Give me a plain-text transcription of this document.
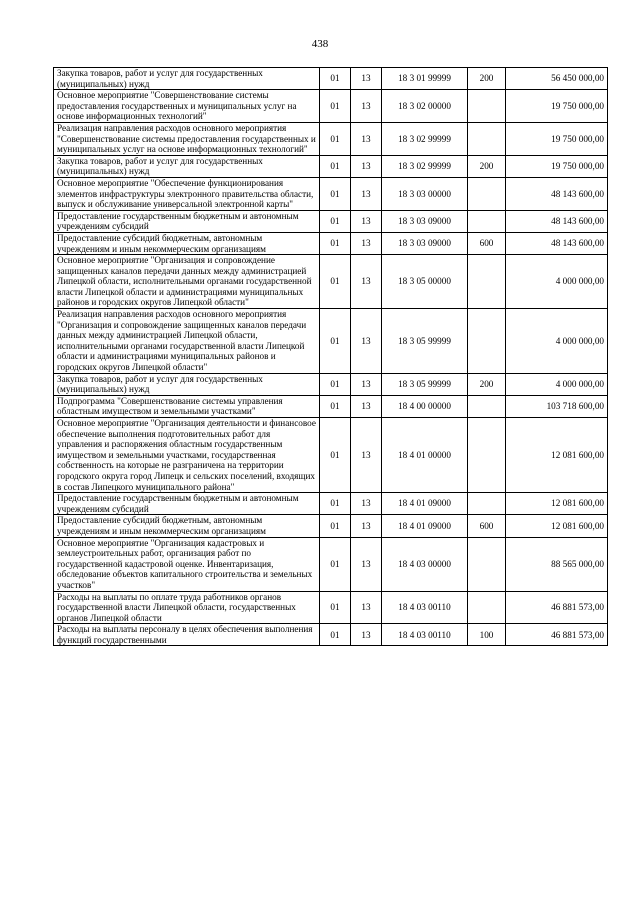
438
Закупка товаров, работ и услуг для государственных (муниципальных) нужд	01	13	18 3 01 99999	200	56 450 000,00
Основное мероприятие "Совершенствование системы предоставления государственных и муниципальных услуг на основе информационных технологий"	01	13	18 3 02 00000		19 750 000,00
Реализация направления расходов основного мероприятия "Совершенствование системы предоставления государственных и муниципальных услуг на основе информационных технологий"	01	13	18 3 02 99999		19 750 000,00
Закупка товаров, работ и услуг для государственных (муниципальных) нужд	01	13	18 3 02 99999	200	19 750 000,00
Основное мероприятие "Обеспечение функционирования элементов инфраструктуры электронного правительства области, выпуск и обслуживание универсальной электронной карты"	01	13	18 3 03 00000		48 143 600,00
Предоставление государственным бюджетным и автономным учреждениям субсидий	01	13	18 3 03 09000		48 143 600,00
Предоставление субсидий бюджетным, автономным учреждениям и иным некоммерческим организациям	01	13	18 3 03 09000	600	48 143 600,00
Основное мероприятие "Организация и сопровождение защищенных каналов передачи данных между администрацией Липецкой области, исполнительными органами государственной власти Липецкой области и администрациями муниципальных районов и городских округов Липецкой области"	01	13	18 3 05 00000		4 000 000,00
Реализация направления расходов основного мероприятия "Организация и сопровождение защищенных каналов передачи данных между администрацией Липецкой области, исполнительными органами государственной власти Липецкой области и администрациями муниципальных районов и городских округов Липецкой области"	01	13	18 3 05 99999		4 000 000,00
Закупка товаров, работ и услуг для государственных (муниципальных) нужд	01	13	18 3 05 99999	200	4 000 000,00
Подпрограмма "Совершенствование системы управления областным имуществом и земельными участками"	01	13	18 4 00 00000		103 718 600,00
Основное мероприятие "Организация деятельности и финансовое обеспечение выполнения подготовительных работ для управления и распоряжения областным государственным имуществом и земельными участками, государственная собственность на которые не разграничена на территории городского округа город Липецк и сельских поселений, входящих в состав Липецкого муниципального района"	01	13	18 4 01 00000		12 081 600,00
Предоставление государственным бюджетным и автономным учреждениям субсидий	01	13	18 4 01 09000		12 081 600,00
Предоставление субсидий бюджетным, автономным учреждениям и иным некоммерческим организациям	01	13	18 4 01 09000	600	12 081 600,00
Основное мероприятие "Организация кадастровых и землеустроительных работ, организация работ по государственной кадастровой оценке. Инвентаризация, обследование объектов капитального строительства и земельных участков"	01	13	18 4 03 00000		88 565 000,00
Расходы на выплаты по оплате труда работников органов государственной власти Липецкой области, государственных органов Липецкой области	01	13	18 4 03 00110		46 881 573,00
Расходы на выплаты персоналу в целях обеспечения выполнения функций государственными	01	13	18 4 03 00110	100	46 881 573,00
